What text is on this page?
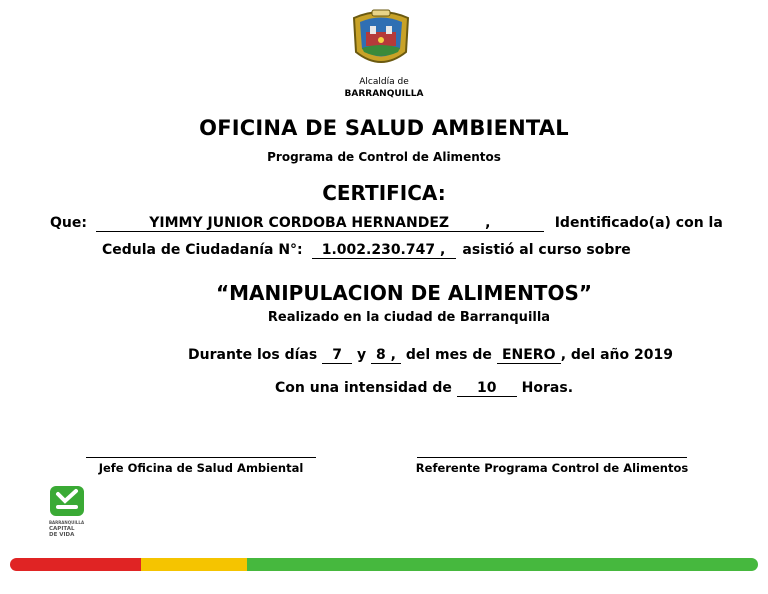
Alcaldía de
BARRANQUILLA
OFICINA DE SALUD AMBIENTAL
Programa de Control de Alimentos
CERTIFICA:
Que:	YIMMY JUNIOR CORDOBA HERNANDEZ	,	Identificado(a) con la
Cedula de Ciudadanía N°: 1.002.230.747 , asistió al curso sobre
“MANIPULACION DE ALIMENTOS”
Realizado en la ciudad de Barranquilla
Durante los días 7 y 8 , del mes de ENERO , del año 2019
Con una intensidad de 10 Horas.
Jefe Oficina de Salud Ambiental	Referente Programa Control de Alimentos
BARRANQUILLA
CAPITAL
DE VIDA
